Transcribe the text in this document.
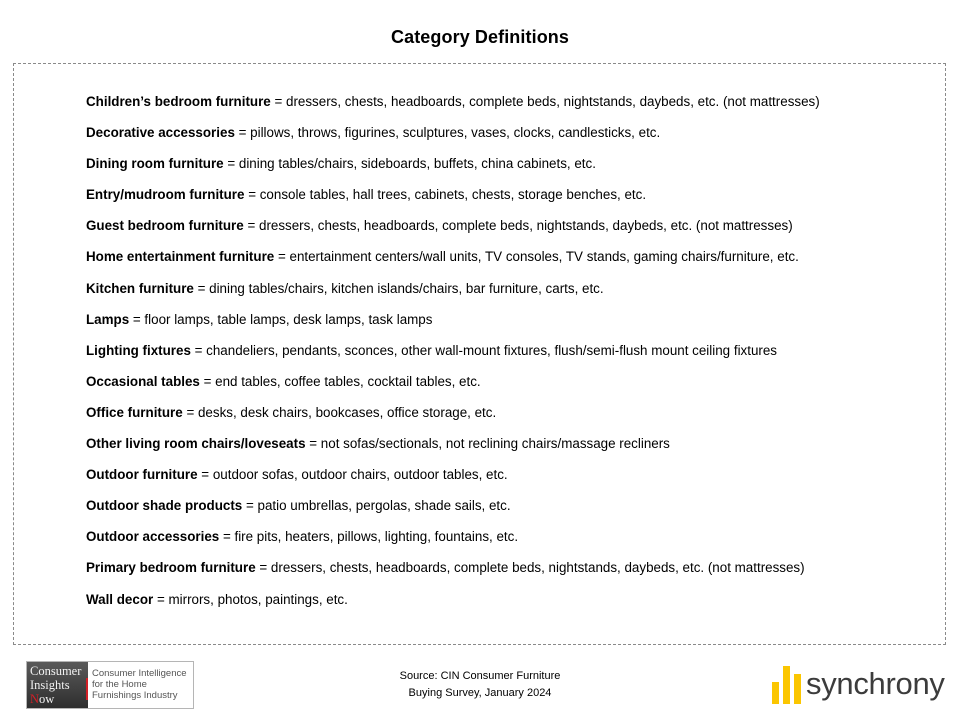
Category Definitions
Children’s bedroom furniture = dressers, chests, headboards, complete beds, nightstands, daybeds, etc. (not mattresses)
Decorative accessories = pillows, throws, figurines, sculptures, vases, clocks, candlesticks, etc.
Dining room furniture = dining tables/chairs, sideboards, buffets, china cabinets, etc.
Entry/mudroom furniture = console tables, hall trees, cabinets, chests, storage benches, etc.
Guest bedroom furniture = dressers, chests, headboards, complete beds, nightstands, daybeds, etc. (not mattresses)
Home entertainment furniture = entertainment centers/wall units, TV consoles, TV stands, gaming chairs/furniture, etc.
Kitchen furniture = dining tables/chairs, kitchen islands/chairs, bar furniture, carts, etc.
Lamps = floor lamps, table lamps, desk lamps, task lamps
Lighting fixtures = chandeliers, pendants, sconces, other wall-mount fixtures, flush/semi-flush mount ceiling fixtures
Occasional tables = end tables, coffee tables, cocktail tables, etc.
Office furniture = desks, desk chairs, bookcases, office storage, etc.
Other living room chairs/loveseats = not sofas/sectionals, not reclining chairs/massage recliners
Outdoor furniture = outdoor sofas, outdoor chairs, outdoor tables, etc.
Outdoor shade products = patio umbrellas, pergolas, shade sails, etc.
Outdoor accessories = fire pits, heaters, pillows, lighting, fountains, etc.
Primary bedroom furniture = dressers, chests, headboards, complete beds, nightstands, daybeds, etc. (not mattresses)
Wall decor = mirrors, photos, paintings, etc.
Source: CIN Consumer Furniture
Buying Survey, January 2024
Consumer
Insights
Now
Consumer Intelligence
for the Home
Furnishings Industry	synchrony
